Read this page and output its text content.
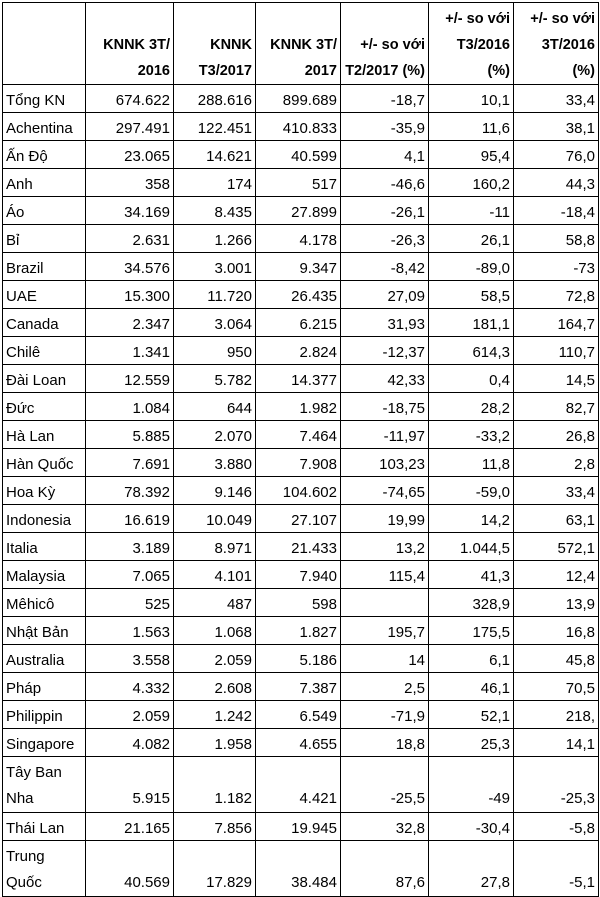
	KNNK 3T/ 2016	KNNK T3/2017	KNNK 3T/ 2017	+/- so với T2/2017 (%)	+/- so với T3/2016 (%)	+/- so với 3T/2016 (%)
Tổng KN	674.622	288.616	899.689	-18,7	10,1	33,4
Achentina	297.491	122.451	410.833	-35,9	11,6	38,1
Ấn Độ	23.065	14.621	40.599	4,1	95,4	76,0
Anh	358	174	517	-46,6	160,2	44,3
Áo	34.169	8.435	27.899	-26,1	-11	-18,4
Bỉ	2.631	1.266	4.178	-26,3	26,1	58,8
Brazil	34.576	3.001	9.347	-8,42	-89,0	-73
UAE	15.300	11.720	26.435	27,09	58,5	72,8
Canada	2.347	3.064	6.215	31,93	181,1	164,7
Chilê	1.341	950	2.824	-12,37	614,3	110,7
Đài Loan	12.559	5.782	14.377	42,33	0,4	14,5
Đức	1.084	644	1.982	-18,75	28,2	82,7
Hà Lan	5.885	2.070	7.464	-11,97	-33,2	26,8
Hàn Quốc	7.691	3.880	7.908	103,23	11,8	2,8
Hoa Kỳ	78.392	9.146	104.602	-74,65	-59,0	33,4
Indonesia	16.619	10.049	27.107	19,99	14,2	63,1
Italia	3.189	8.971	21.433	13,2	1.044,5	572,1
Malaysia	7.065	4.101	7.940	115,4	41,3	12,4
Mêhicô	525	487	598		328,9	13,9
Nhật Bản	1.563	1.068	1.827	195,7	175,5	16,8
Australia	3.558	2.059	5.186	14	6,1	45,8
Pháp	4.332	2.608	7.387	2,5	46,1	70,5
Philippin	2.059	1.242	6.549	-71,9	52,1	218,
Singapore	4.082	1.958	4.655	18,8	25,3	14,1
Tây Ban Nha	5.915	1.182	4.421	-25,5	-49	-25,3
Thái Lan	21.165	7.856	19.945	32,8	-30,4	-5,8
Trung Quốc	40.569	17.829	38.484	87,6	27,8	-5,1
